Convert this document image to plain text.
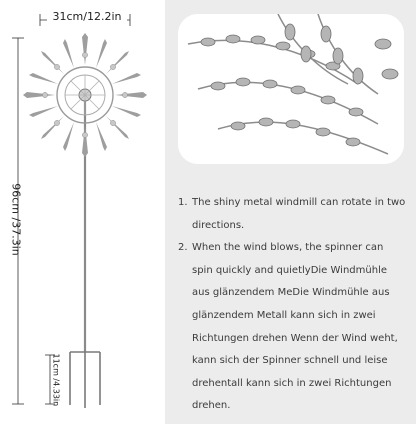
31cm/12.2in
96cm /37.3in
11cm /4.33in
1. The shiny metal windmill can rotate in two directions.
2. When the wind blows, the spinner can spin quickly and quietlyDie Windmühle aus glänzendem MeDie Windmühle aus glänzendem Metall kann sich in zwei Richtungen drehen Wenn der Wind weht, kann sich der Spinner schnell und leise drehentall kann sich in zwei Richtungen drehen.
